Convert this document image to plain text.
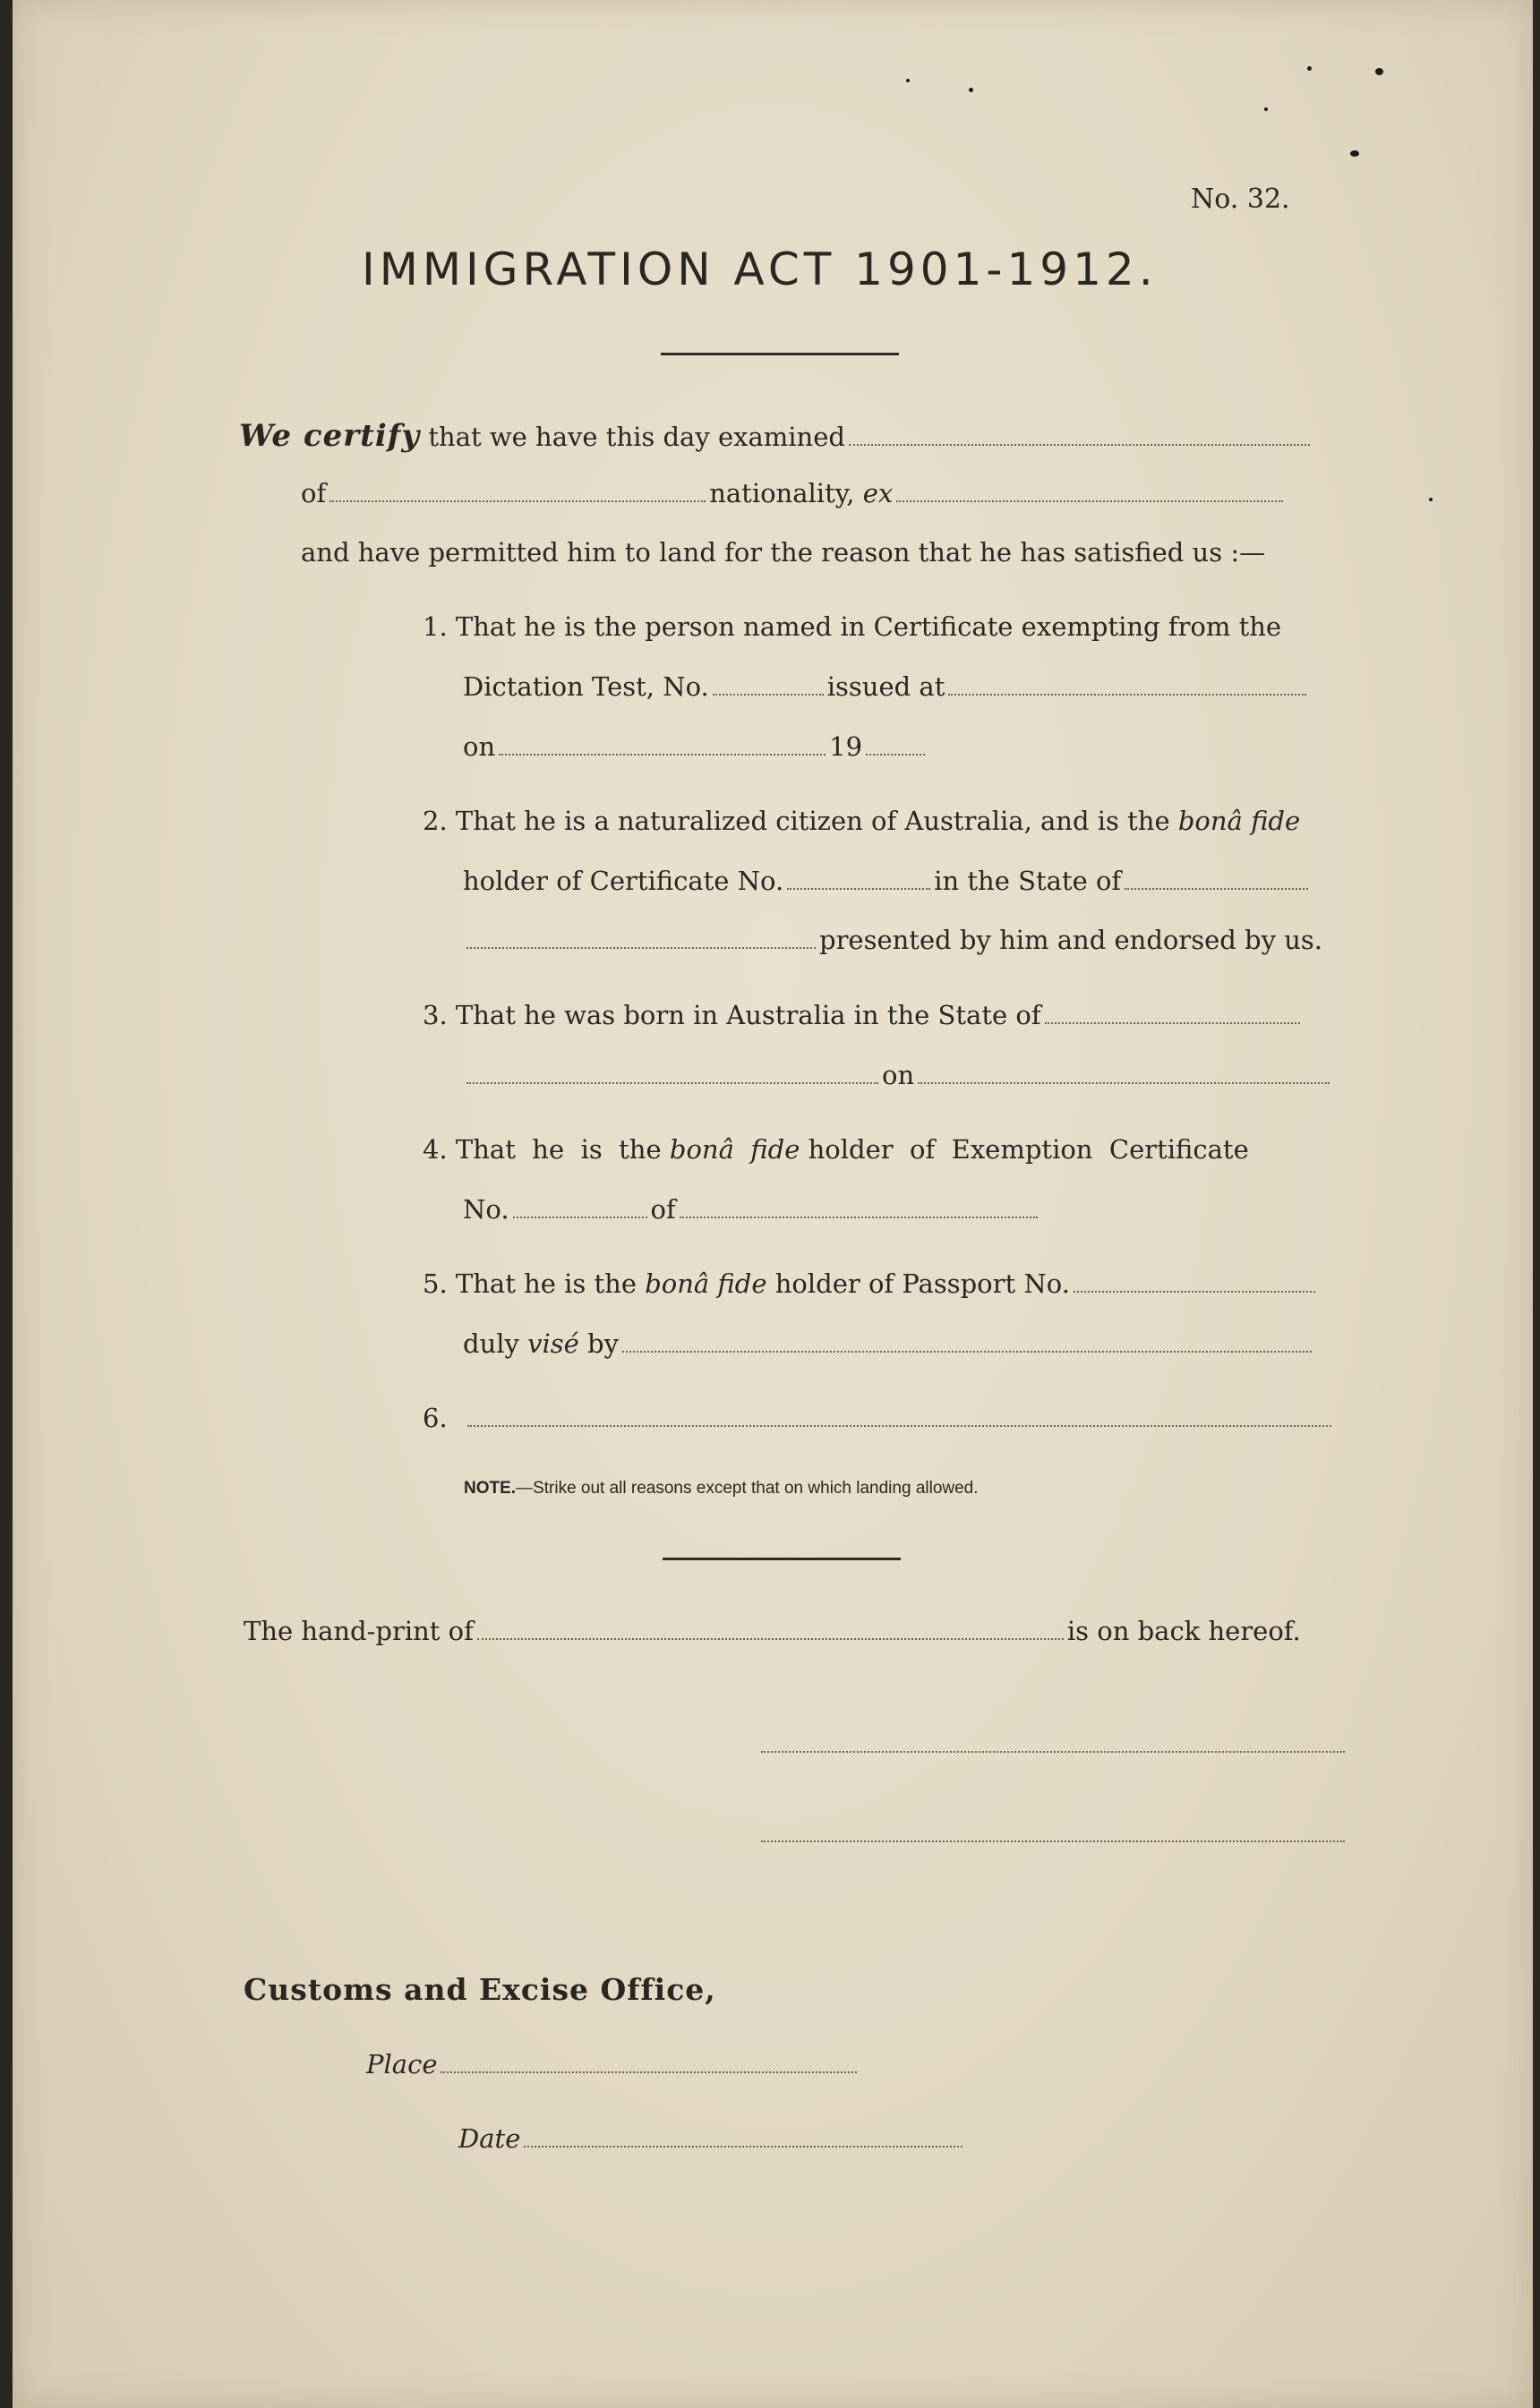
No. 32.
IMMIGRATION ACT 1901-1912.
We certify that we have this day examined
of	nationality, ex
and have permitted him to land for the reason that he has satisfied us :—
1. That he is the person named in Certificate exempting from the
Dictation Test, No.	issued at
on	19
2. That he is a naturalized citizen of Australia, and is the bonâ fide
holder of Certificate No.	in the State of
presented by him and endorsed by us.
3. That he was born in Australia in the State of
on
4. That  he  is  the bonâ  fide holder  of  Exemption  Certificate
No.	of
5. That he is the bonâ fide holder of Passport No.
duly visé by
6.
NOTE.—Strike out all reasons except that on which landing allowed.
The hand-print of	is on back hereof.
Customs and Excise Office,
Place
Date
